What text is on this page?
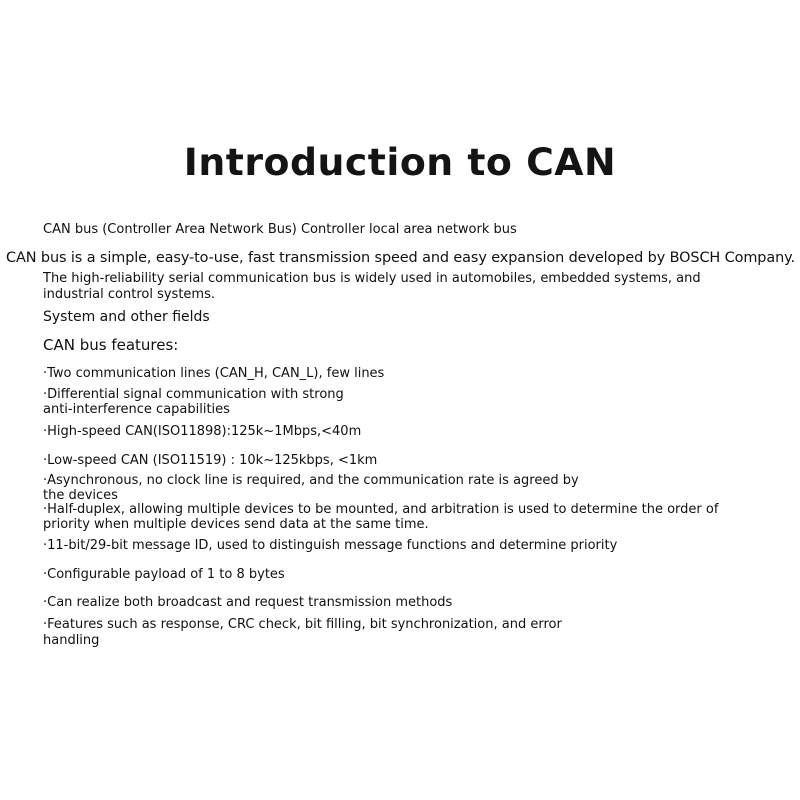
Introduction to CAN

CAN bus (Controller Area Network Bus) Controller local area network bus

CAN bus is a simple, easy-to-use, fast transmission speed and easy expansion developed by BOSCH Company.

The high-reliability serial communication bus is widely used in automobiles, embedded systems, and

industrial control systems.

System and other fields

CAN bus features:

·Two communication lines (CAN_H, CAN_L), few lines

·Differential signal communication with strong

anti-interference capabilities

·High-speed CAN(ISO11898):125k~1Mbps,<40m

·Low-speed CAN (ISO11519) : 10k~125kbps, <1km

·Asynchronous, no clock line is required, and the communication rate is agreed by

the devices

·Half-duplex, allowing multiple devices to be mounted, and arbitration is used to determine the order of

priority when multiple devices send data at the same time.

·11-bit/29-bit message ID, used to distinguish message functions and determine priority

·Configurable payload of 1 to 8 bytes

·Can realize both broadcast and request transmission methods

·Features such as response, CRC check, bit filling, bit synchronization, and error

handling
